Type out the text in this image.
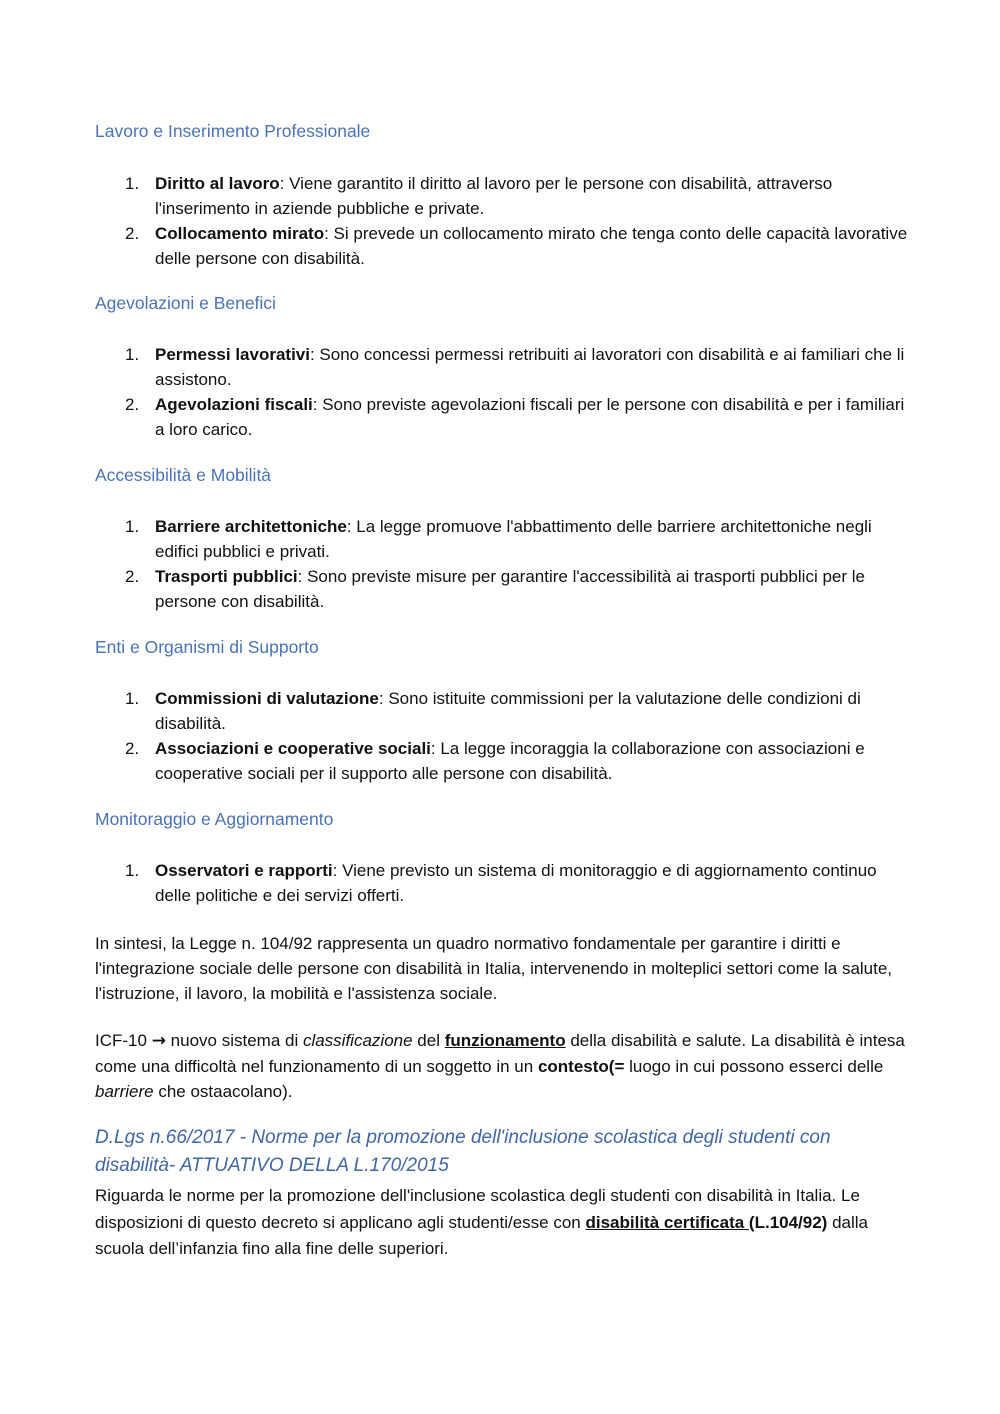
Lavoro e Inserimento Professionale
1. Diritto al lavoro: Viene garantito il diritto al lavoro per le persone con disabilità, attraverso l'inserimento in aziende pubbliche e private.
2. Collocamento mirato: Si prevede un collocamento mirato che tenga conto delle capacità lavorative delle persone con disabilità.
Agevolazioni e Benefici
1. Permessi lavorativi: Sono concessi permessi retribuiti ai lavoratori con disabilità e ai familiari che li assistono.
2. Agevolazioni fiscali: Sono previste agevolazioni fiscali per le persone con disabilità e per i familiari a loro carico.
Accessibilità e Mobilità
1. Barriere architettoniche: La legge promuove l'abbattimento delle barriere architettoniche negli edifici pubblici e privati.
2. Trasporti pubblici: Sono previste misure per garantire l'accessibilità ai trasporti pubblici per le persone con disabilità.
Enti e Organismi di Supporto
1. Commissioni di valutazione: Sono istituite commissioni per la valutazione delle condizioni di disabilità.
2. Associazioni e cooperative sociali: La legge incoraggia la collaborazione con associazioni e cooperative sociali per il supporto alle persone con disabilità.
Monitoraggio e Aggiornamento
1. Osservatori e rapporti: Viene previsto un sistema di monitoraggio e di aggiornamento continuo delle politiche e dei servizi offerti.

In sintesi, la Legge n. 104/92 rappresenta un quadro normativo fondamentale per garantire i diritti e l'integrazione sociale delle persone con disabilità in Italia, intervenendo in molteplici settori come la salute, l'istruzione, il lavoro, la mobilità e l'assistenza sociale.

ICF-10 → nuovo sistema di classificazione del funzionamento della disabilità e salute. La disabilità è intesa come una difficoltà nel funzionamento di un soggetto in un contesto(= luogo in cui possono esserci delle barriere che ostaacolano).

D.Lgs n.66/2017 - Norme per la promozione dell'inclusione scolastica degli studenti con disabilità- ATTUATIVO DELLA L.170/2015

Riguarda le norme per la promozione dell'inclusione scolastica degli studenti con disabilità in Italia. Le disposizioni di questo decreto si applicano agli studenti/esse con disabilità certificata (L.104/92) dalla scuola dell’infanzia fino alla fine delle superiori.
